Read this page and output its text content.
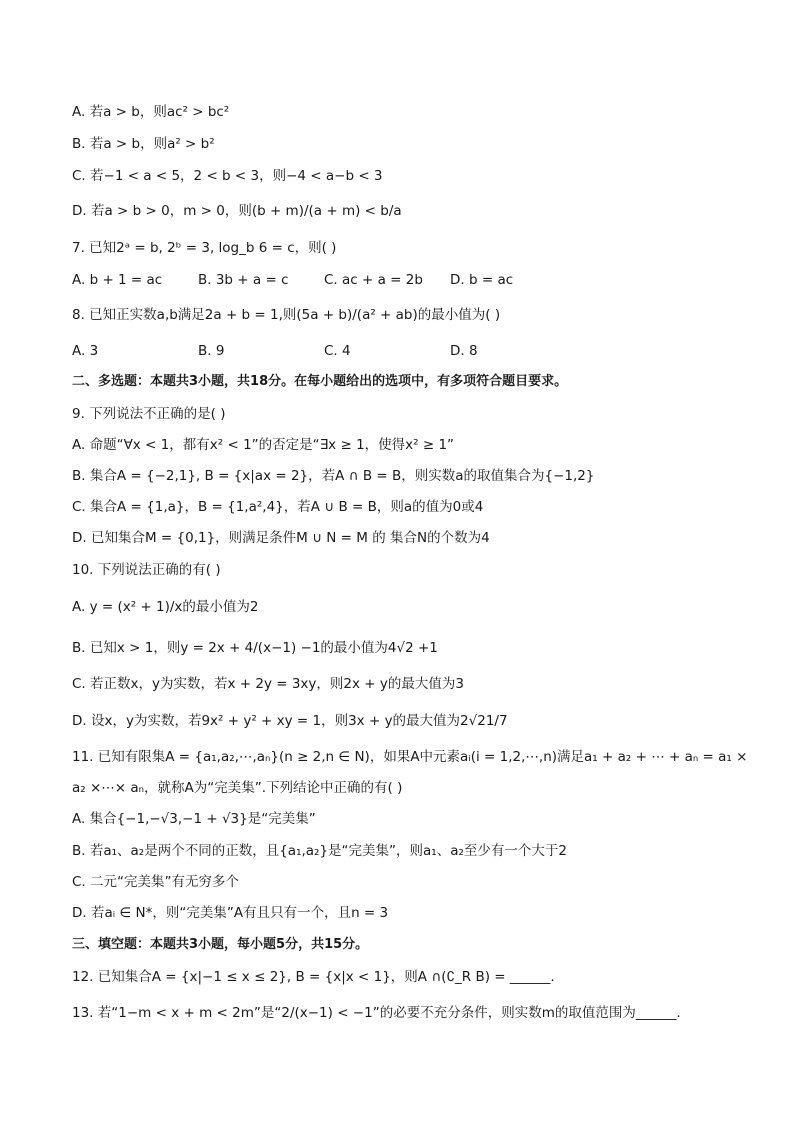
A. 若a > b，则ac² > bc²
B. 若a > b，则a² > b²
C. 若−1 < a < 5，2 < b < 3，则−4 < a−b < 3
D. 若a > b > 0，m > 0，则(b + m)/(a + m) < b/a
7. 已知2ᵃ = b, 2ᵇ = 3, log_b 6 = c，则( )
A. b + 1 = ac	B. 3b + a = c	C. ac + a = 2b	D. b = ac
8. 已知正实数a,b满足2a + b = 1,则(5a + b)/(a² + ab)的最小值为( )
A. 3	B. 9	C. 4	D. 8
二、多选题：本题共3小题，共18分。在每小题给出的选项中，有多项符合题目要求。
9. 下列说法不正确的是( )
A. 命题“∀x < 1，都有x² < 1”的否定是“∃x ≥ 1，使得x² ≥ 1”
B. 集合A = {−2,1}, B = {x|ax = 2}，若A ∩ B = B，则实数a的取值集合为{−1,2}
C. 集合A = {1,a}，B = {1,a²,4}，若A ∪ B = B，则a的值为0或4
D. 已知集合M = {0,1}，则满足条件M ∪ N = M 的 集合N的个数为4
10. 下列说法正确的有( )
A. y = (x² + 1)/x的最小值为2
B. 已知x > 1，则y = 2x + 4/(x−1) −1的最小值为4√2 +1
C. 若正数x，y为实数，若x + 2y = 3xy，则2x + y的最大值为3
D. 设x，y为实数，若9x² + y² + xy = 1，则3x + y的最大值为2√21/7
11. 已知有限集A = {a₁,a₂,⋯,aₙ}(n ≥ 2,n ∈ N)，如果A中元素aᵢ(i = 1,2,⋯,n)满足a₁ + a₂ + ⋯ + aₙ = a₁ ×
a₂ ×⋯× aₙ，就称A为“完美集”.下列结论中正确的有( )
A. 集合{−1,−√3,−1 + √3}是“完美集”
B. 若a₁、a₂是两个不同的正数，且{a₁,a₂}是“完美集”，则a₁、a₂至少有一个大于2
C. 二元“完美集”有无穷多个
D. 若aᵢ ∈ N*，则“完美集”A有且只有一个，且n = 3
三、填空题：本题共3小题，每小题5分，共15分。
12. 已知集合A = {x|−1 ≤ x ≤ 2}, B = {x|x < 1}，则A ∩(∁_R B) = ______.
13. 若“1−m < x + m < 2m”是“2/(x−1) < −1”的必要不充分条件，则实数m的取值范围为______.
